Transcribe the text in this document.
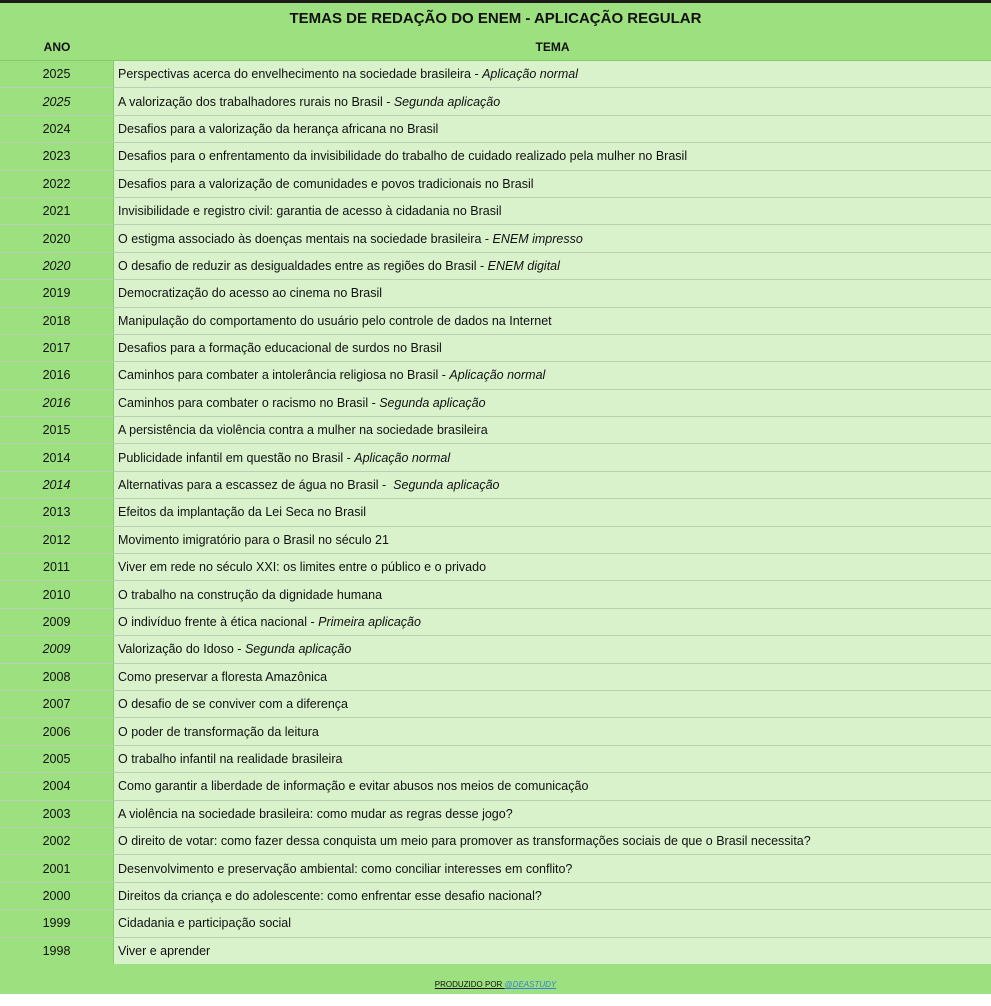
TEMAS DE REDAÇÃO DO ENEM - APLICAÇÃO REGULAR
ANO	TEMA
2025	Perspectivas acerca do envelhecimento na sociedade brasileira - Aplicação normal
2025	A valorização dos trabalhadores rurais no Brasil - Segunda aplicação
2024	Desafios para a valorização da herança africana no Brasil
2023	Desafios para o enfrentamento da invisibilidade do trabalho de cuidado realizado pela mulher no Brasil
2022	Desafios para a valorização de comunidades e povos tradicionais no Brasil
2021	Invisibilidade e registro civil: garantia de acesso à cidadania no Brasil
2020	O estigma associado às doenças mentais na sociedade brasileira - ENEM impresso
2020	O desafio de reduzir as desigualdades entre as regiões do Brasil - ENEM digital
2019	Democratização do acesso ao cinema no Brasil
2018	Manipulação do comportamento do usuário pelo controle de dados na Internet
2017	Desafios para a formação educacional de surdos no Brasil
2016	Caminhos para combater a intolerância religiosa no Brasil - Aplicação normal
2016	Caminhos para combater o racismo no Brasil - Segunda aplicação
2015	A persistência da violência contra a mulher na sociedade brasileira
2014	Publicidade infantil em questão no Brasil - Aplicação normal
2014	Alternativas para a escassez de água no Brasil - Segunda aplicação
2013	Efeitos da implantação da Lei Seca no Brasil
2012	Movimento imigratório para o Brasil no século 21
2011	Viver em rede no século XXI: os limites entre o público e o privado
2010	O trabalho na construção da dignidade humana
2009	O indivíduo frente à ética nacional - Primeira aplicação
2009	Valorização do Idoso - Segunda aplicação
2008	Como preservar a floresta Amazônica
2007	O desafio de se conviver com a diferença
2006	O poder de transformação da leitura
2005	O trabalho infantil na realidade brasileira
2004	Como garantir a liberdade de informação e evitar abusos nos meios de comunicação
2003	A violência na sociedade brasileira: como mudar as regras desse jogo?
2002	O direito de votar: como fazer dessa conquista um meio para promover as transformações sociais de que o Brasil necessita?
2001	Desenvolvimento e preservação ambiental: como conciliar interesses em conflito?
2000	Direitos da criança e do adolescente: como enfrentar esse desafio nacional?
1999	Cidadania e participação social
1998	Viver e aprender
PRODUZIDO POR @DEASTUDY
